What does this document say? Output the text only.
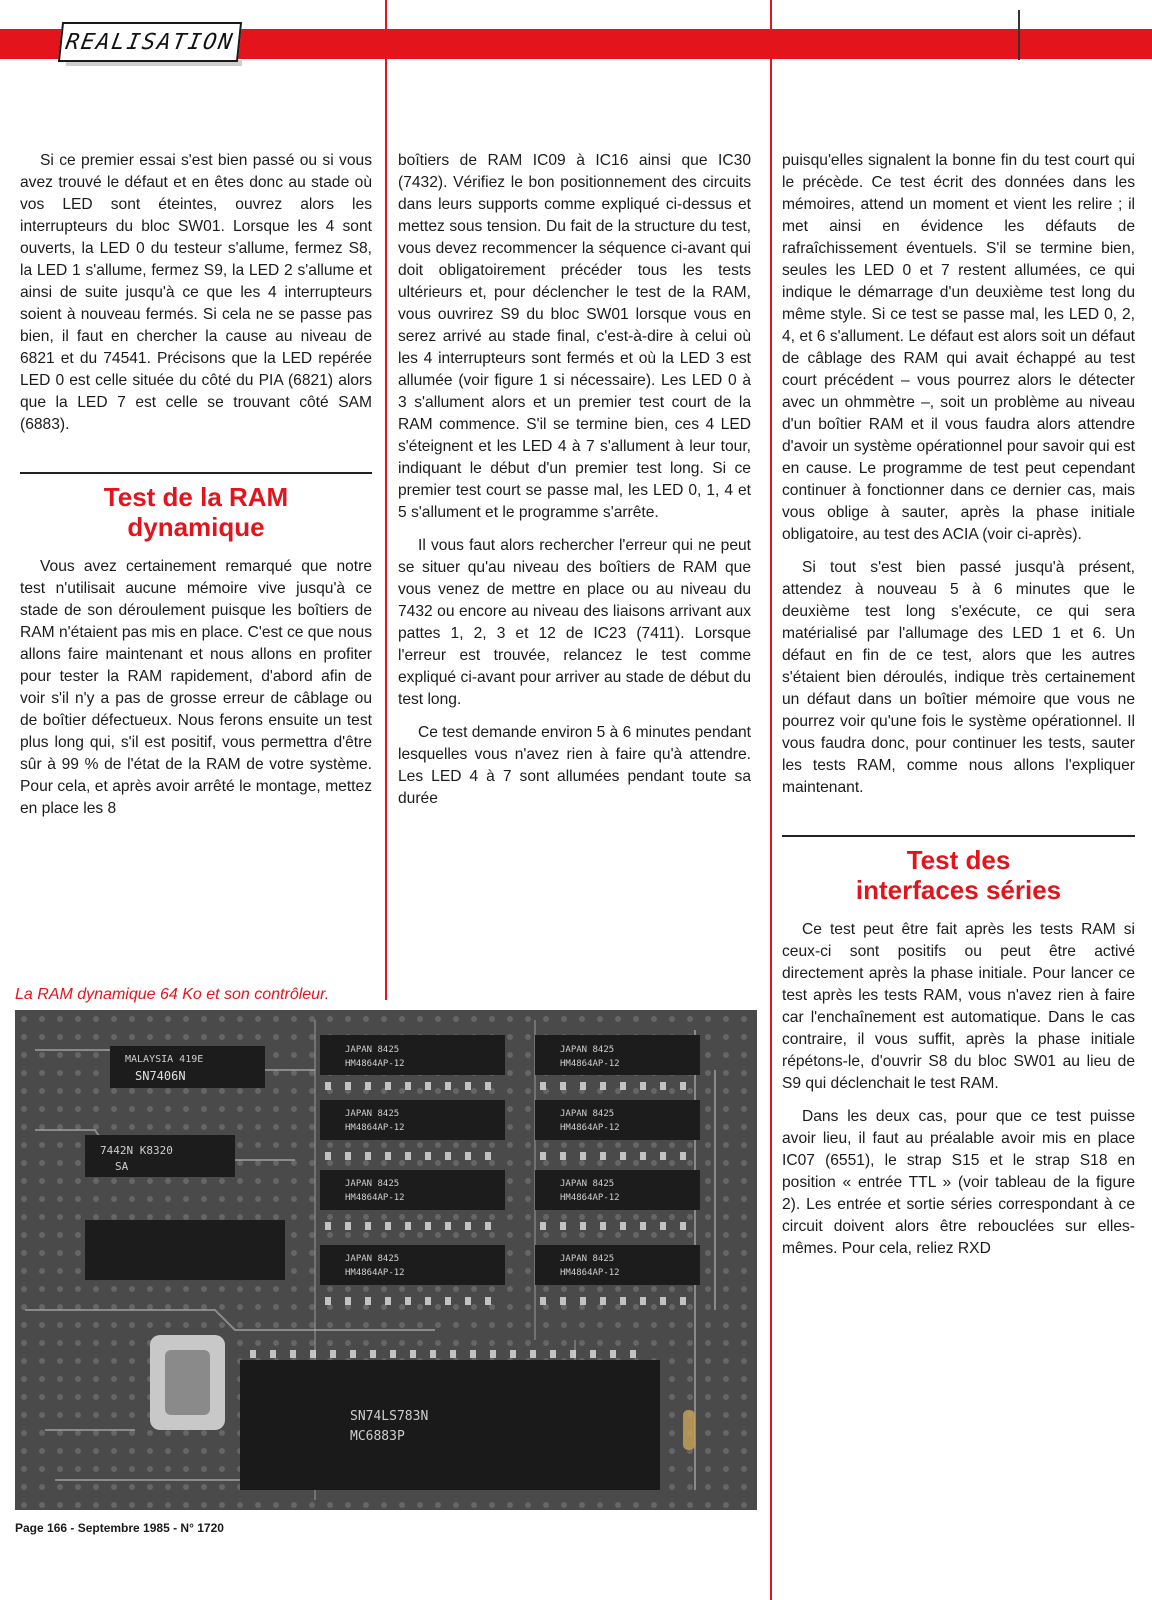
REALISATION

Si ce premier essai s'est bien passé ou si vous avez trouvé le défaut et en êtes donc au stade où vos LED sont éteintes, ouvrez alors les interrupteurs du bloc SW01. Lorsque les 4 sont ouverts, la LED 0 du testeur s'allume, fermez S8, la LED 1 s'allume, fermez S9, la LED 2 s'allume et ainsi de suite jusqu'à ce que les 4 interrupteurs soient à nouveau fermés. Si cela ne se passe pas bien, il faut en chercher la cause au niveau de 6821 et du 74541. Précisons que la LED repérée LED 0 est celle située du côté du PIA (6821) alors que la LED 7 est celle se trouvant côté SAM (6883).

Test de la RAM dynamique

Vous avez certainement remarqué que notre test n'utilisait aucune mémoire vive jusqu'à ce stade de son déroulement puisque les boîtiers de RAM n'étaient pas mis en place. C'est ce que nous allons faire maintenant et nous allons en profiter pour tester la RAM rapidement, d'abord afin de voir s'il n'y a pas de grosse erreur de câblage ou de boîtier défectueux. Nous ferons ensuite un test plus long qui, s'il est positif, vous permettra d'être sûr à 99 % de l'état de la RAM de votre système. Pour cela, et après avoir arrêté le montage, mettez en place les 8

boîtiers de RAM IC09 à IC16 ainsi que IC30 (7432). Vérifiez le bon positionnement des circuits dans leurs supports comme expliqué ci-dessus et mettez sous tension. Du fait de la structure du test, vous devez recommencer la séquence ci-avant qui doit obligatoirement précéder tous les tests ultérieurs et, pour déclencher le test de la RAM, vous ouvrirez S9 du bloc SW01 lorsque vous en serez arrivé au stade final, c'est-à-dire à celui où les 4 interrupteurs sont fermés et où la LED 3 est allumée (voir figure 1 si nécessaire). Les LED 0 à 3 s'allument alors et un premier test court de la RAM commence. S'il se termine bien, ces 4 LED s'éteignent et les LED 4 à 7 s'allument à leur tour, indiquant le début d'un premier test long. Si ce premier test court se passe mal, les LED 0, 1, 4 et 5 s'allument et le programme s'arrête.

Il vous faut alors rechercher l'erreur qui ne peut se situer qu'au niveau des boîtiers de RAM que vous venez de mettre en place ou au niveau du 7432 ou encore au niveau des liaisons arrivant aux pattes 1, 2, 3 et 12 de IC23 (7411). Lorsque l'erreur est trouvée, relancez le test comme expliqué ci-avant pour arriver au stade de début du test long.

Ce test demande environ 5 à 6 minutes pendant lesquelles vous n'avez rien à faire qu'à attendre. Les LED 4 à 7 sont allumées pendant toute sa durée

puisqu'elles signalent la bonne fin du test court qui le précède. Ce test écrit des données dans les mémoires, attend un moment et vient les relire ; il met ainsi en évidence les défauts de rafraîchissement éventuels. S'il se termine bien, seules les LED 0 et 7 restent allumées, ce qui indique le démarrage d'un deuxième test long du même style. Si ce test se passe mal, les LED 0, 2, 4, et 6 s'allument. Le défaut est alors soit un défaut de câblage des RAM qui avait échappé au test court précédent – vous pourrez alors le détecter avec un ohmmètre –, soit un problème au niveau d'un boîtier RAM et il vous faudra alors attendre d'avoir un système opérationnel pour savoir qui est en cause. Le programme de test peut cependant continuer à fonctionner dans ce dernier cas, mais vous oblige à sauter, après la phase initiale obligatoire, au test des ACIA (voir ci-après).

Si tout s'est bien passé jusqu'à présent, attendez à nouveau 5 à 6 minutes que le deuxième test long s'exécute, ce qui sera matérialisé par l'allumage des LED 1 et 6. Un défaut en fin de ce test, alors que les autres s'étaient bien déroulés, indique très certainement un défaut dans un boîtier mémoire que vous ne pourrez voir qu'une fois le système opérationnel. Il vous faudra donc, pour continuer les tests, sauter les tests RAM, comme nous allons l'expliquer maintenant.

Test des interfaces séries

Ce test peut être fait après les tests RAM si ceux-ci sont positifs ou peut être activé directement après la phase initiale. Pour lancer ce test après les tests RAM, vous n'avez rien à faire car l'enchaînement est automatique. Dans le cas contraire, il vous suffit, après la phase initiale répétons-le, d'ouvrir S8 du bloc SW01 au lieu de S9 qui déclenchait le test RAM.

Dans les deux cas, pour que ce test puisse avoir lieu, il faut au préalable avoir mis en place IC07 (6551), le strap S15 et le strap S18 en position « entrée TTL » (voir tableau de la figure 2). Les entrée et sortie séries correspondant à ce circuit doivent alors être rebouclées sur elles-mêmes. Pour cela, reliez RXD

La RAM dynamique 64 Ko et son contrôleur.
MALAYSIA 419E
SN7406N
JAPAN 8425
HM4864AP-12
JAPAN 8425
HM4864AP-12
JAPAN 8425
HM4864AP-12
JAPAN 8425
HM4864AP-12
7442N K8320
SA
JAPAN 8425
HM4864AP-12
JAPAN 8425
HM4864AP-12
JAPAN 8425
HM4864AP-12
JAPAN 8425
HM4864AP-12
SN74LS783N
MC6883P
Page 166 - Septembre 1985 - N° 1720
